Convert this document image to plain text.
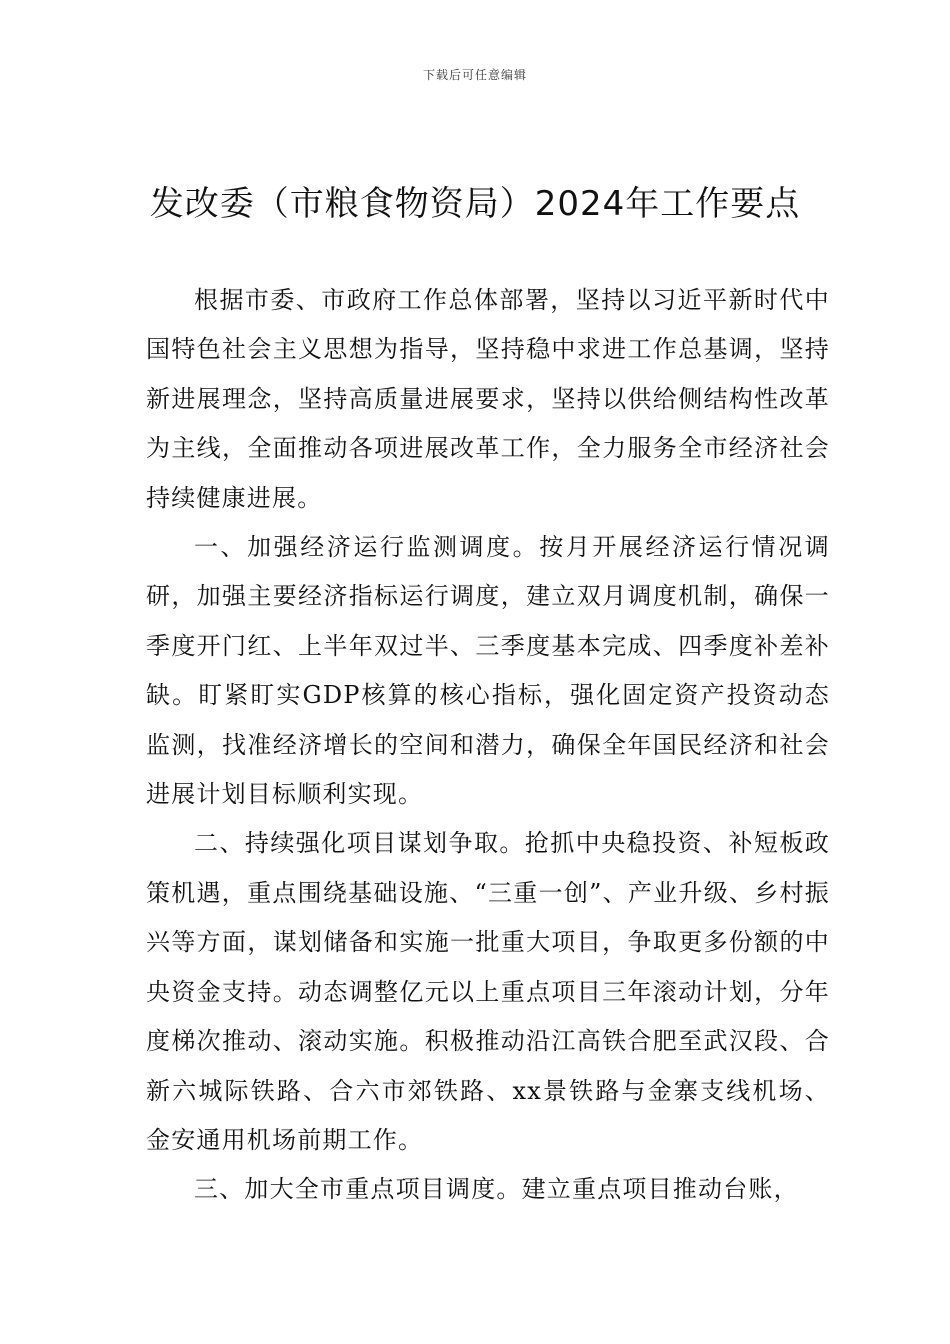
下载后可任意编辑
发改委（市粮食物资局）2024年工作要点

根据市委、市政府工作总体部署，坚持以习近平新时代中国特色社会主义思想为指导，坚持稳中求进工作总基调，坚持新进展理念，坚持高质量进展要求，坚持以供给侧结构性改革为主线，全面推动各项进展改革工作，全力服务全市经济社会持续健康进展。

一、加强经济运行监测调度。按月开展经济运行情况调研，加强主要经济指标运行调度，建立双月调度机制，确保一季度开门红、上半年双过半、三季度基本完成、四季度补差补缺。盯紧盯实GDP核算的核心指标，强化固定资产投资动态监测，找准经济增长的空间和潜力，确保全年国民经济和社会进展计划目标顺利实现。

二、持续强化项目谋划争取。抢抓中央稳投资、补短板政策机遇，重点围绕基础设施、“三重一创”、产业升级、乡村振兴等方面，谋划储备和实施一批重大项目，争取更多份额的中央资金支持。动态调整亿元以上重点项目三年滚动计划，分年度梯次推动、滚动实施。积极推动沿江高铁合肥至武汉段、合新六城际铁路、合六市郊铁路、xx景铁路与金寨支线机场、金安通用机场前期工作。

三、加大全市重点项目调度。建立重点项目推动台账，
